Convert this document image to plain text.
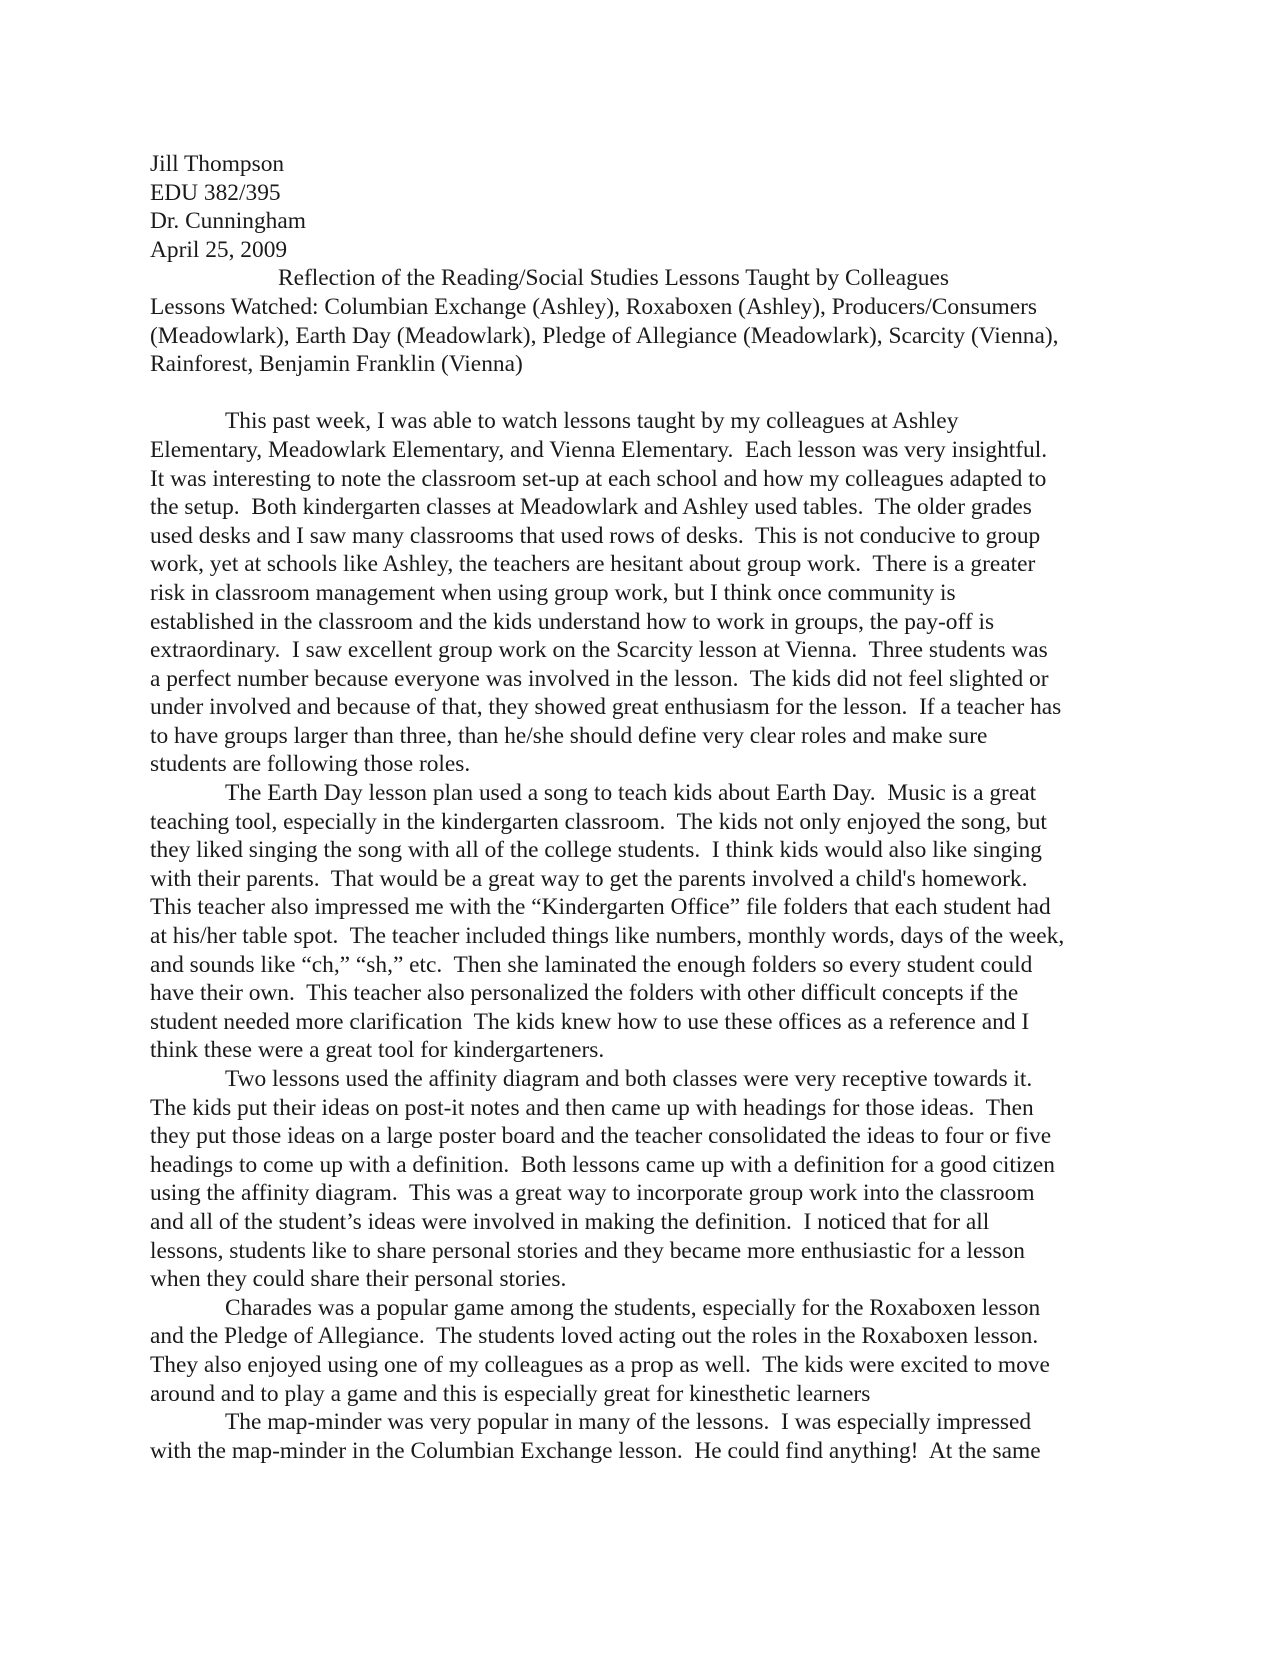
Jill Thompson
EDU 382/395
Dr. Cunningham
April 25, 2009
Reflection of the Reading/Social Studies Lessons Taught by Colleagues
Lessons Watched: Columbian Exchange (Ashley), Roxaboxen (Ashley), Producers/Consumers
(Meadowlark), Earth Day (Meadowlark), Pledge of Allegiance (Meadowlark), Scarcity (Vienna),
Rainforest, Benjamin Franklin (Vienna)
This past week, I was able to watch lessons taught by my colleagues at Ashley
Elementary, Meadowlark Elementary, and Vienna Elementary.  Each lesson was very insightful.
It was interesting to note the classroom set-up at each school and how my colleagues adapted to
the setup.  Both kindergarten classes at Meadowlark and Ashley used tables.  The older grades
used desks and I saw many classrooms that used rows of desks.  This is not conducive to group
work, yet at schools like Ashley, the teachers are hesitant about group work.  There is a greater
risk in classroom management when using group work, but I think once community is
established in the classroom and the kids understand how to work in groups, the pay-off is
extraordinary.  I saw excellent group work on the Scarcity lesson at Vienna.  Three students was
a perfect number because everyone was involved in the lesson.  The kids did not feel slighted or
under involved and because of that, they showed great enthusiasm for the lesson.  If a teacher has
to have groups larger than three, than he/she should define very clear roles and make sure
students are following those roles.
The Earth Day lesson plan used a song to teach kids about Earth Day.  Music is a great
teaching tool, especially in the kindergarten classroom.  The kids not only enjoyed the song, but
they liked singing the song with all of the college students.  I think kids would also like singing
with their parents.  That would be a great way to get the parents involved a child's homework.
This teacher also impressed me with the “Kindergarten Office” file folders that each student had
at his/her table spot.  The teacher included things like numbers, monthly words, days of the week,
and sounds like “ch,” “sh,” etc.  Then she laminated the enough folders so every student could
have their own.  This teacher also personalized the folders with other difficult concepts if the
student needed more clarification  The kids knew how to use these offices as a reference and I
think these were a great tool for kindergarteners.
Two lessons used the affinity diagram and both classes were very receptive towards it.
The kids put their ideas on post-it notes and then came up with headings for those ideas.  Then
they put those ideas on a large poster board and the teacher consolidated the ideas to four or five
headings to come up with a definition.  Both lessons came up with a definition for a good citizen
using the affinity diagram.  This was a great way to incorporate group work into the classroom
and all of the student’s ideas were involved in making the definition.  I noticed that for all
lessons, students like to share personal stories and they became more enthusiastic for a lesson
when they could share their personal stories.
Charades was a popular game among the students, especially for the Roxaboxen lesson
and the Pledge of Allegiance.  The students loved acting out the roles in the Roxaboxen lesson.
They also enjoyed using one of my colleagues as a prop as well.  The kids were excited to move
around and to play a game and this is especially great for kinesthetic learners
The map-minder was very popular in many of the lessons.  I was especially impressed
with the map-minder in the Columbian Exchange lesson.  He could find anything!  At the same
